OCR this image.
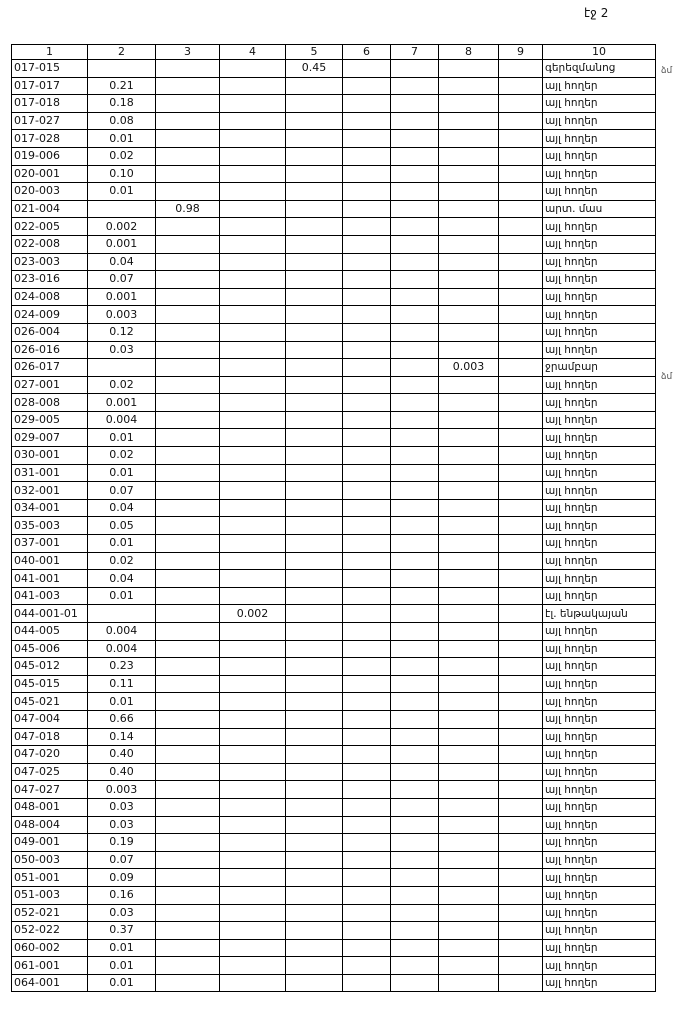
էջ 2
ձմ
ձմ
1	2	3	4	5	6	7	8	9	10
017-015				0.45					գերեզմանոց
017-017	0.21								այլ հողեր
017-018	0.18								այլ հողեր
017-027	0.08								այլ հողեր
017-028	0.01								այլ հողեր
019-006	0.02								այլ հողեր
020-001	0.10								այլ հողեր
020-003	0.01								այլ հողեր
021-004		0.98							արտ. մաս
022-005	0.002								այլ հողեր
022-008	0.001								այլ հողեր
023-003	0.04								այլ հողեր
023-016	0.07								այլ հողեր
024-008	0.001								այլ հողեր
024-009	0.003								այլ հողեր
026-004	0.12								այլ հողեր
026-016	0.03								այլ հողեր
026-017							0.003		ջրամբար
027-001	0.02								այլ հողեր
028-008	0.001								այլ հողեր
029-005	0.004								այլ հողեր
029-007	0.01								այլ հողեր
030-001	0.02								այլ հողեր
031-001	0.01								այլ հողեր
032-001	0.07								այլ հողեր
034-001	0.04								այլ հողեր
035-003	0.05								այլ հողեր
037-001	0.01								այլ հողեր
040-001	0.02								այլ հողեր
041-001	0.04								այլ հողեր
041-003	0.01								այլ հողեր
044-001-01			0.002						էլ. ենթակայան
044-005	0.004								այլ հողեր
045-006	0.004								այլ հողեր
045-012	0.23								այլ հողեր
045-015	0.11								այլ հողեր
045-021	0.01								այլ հողեր
047-004	0.66								այլ հողեր
047-018	0.14								այլ հողեր
047-020	0.40								այլ հողեր
047-025	0.40								այլ հողեր
047-027	0.003								այլ հողեր
048-001	0.03								այլ հողեր
048-004	0.03								այլ հողեր
049-001	0.19								այլ հողեր
050-003	0.07								այլ հողեր
051-001	0.09								այլ հողեր
051-003	0.16								այլ հողեր
052-021	0.03								այլ հողեր
052-022	0.37								այլ հողեր
060-002	0.01								այլ հողեր
061-001	0.01								այլ հողեր
064-001	0.01								այլ հողեր
